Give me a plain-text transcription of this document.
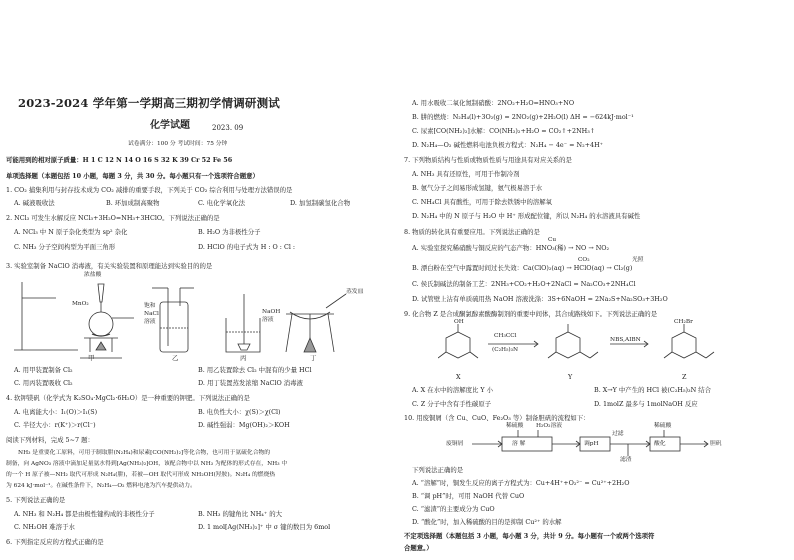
2023-2024 学年第一学期高三期初学情调研测试
化学试题	2023. 09
试卷满分：100 分 考试时间：75 分钟
可能用到的相对原子质量：H 1 C 12 N 14 O 16 S 32 K 39 Cr 52 Fe 56
单项选择题（本题包括 10 小题，每题 3 分，共 30 分。每小题只有一个选项符合题意）
1. CO₂ 捕集利用与封存技术成为 CO₂ 减排的重要手段，下列关于 CO₂ 综合利用与处理方法错误的是
A. 碱液吸收法	B. 环加成制高聚物	C. 电化学氧化法	D. 加氢制碳氢化合物
2. NCl₃ 可发生水解反应 NCl₃+3H₂O=NH₃+3HClO。下列说法正确的是
A. NCl₃ 中 N 原子杂化类型为 sp² 杂化	B. H₂O 为非极性分子
C. NH₃ 分子空间构型为平面三角形	D. HClO 的电子式为 H : O : Cl :
3. 实验室制备 NaClO 消毒液，有关实验装置和原理能达到实验目的的是
浓盐酸
MnO₂	饱和
NaCl
溶液
NaOH
溶液
蒸发皿
甲	乙	丙	丁
A. 用甲装置制备 Cl₂	B. 用乙装置除去 Cl₂ 中混有的少量 HCl
C. 用丙装置吸收 Cl₂	D. 用丁装置蒸发浓缩 NaClO 消毒液
4. 软钾镁矾（化学式为 K₂SO₄·MgCl₂·6H₂O）是一种重要的钾肥。下列说法正确的是
A. 电离能大小：I₁(O)＞I₁(S)	B. 电负性大小：χ(S)＞χ(Cl)
C. 半径大小：r(K⁺)＞r(Cl⁻)	D. 碱性强弱：Mg(OH)₂＞KOH
阅读下列材料，完成 5~7 题：
NH₃ 是重要化工原料，可用于制取肼(N₂H₄)和尿素[CO(NH₂)₂]等化合物，也可用于氨硫化合物的
制备，向 AgNO₃ 溶液中滴加足量氨水得到[Ag(NH₃)₂]OH，该配合物中以 NH₃ 为配体的形式存在，NH₃ 中
的一个 H 原子被—NH₂ 取代可形成 N₂H₄(肼)，若被—OH 取代可形成 NH₂OH(羟胺)。N₂H₄ 的燃烧热
为 624 kJ·mol⁻¹。在碱性条件下，N₂H₄—O₂ 燃料电池为汽车提供动力。
5. 下列说法正确的是
A. NH₃ 和 N₂H₄ 都是由极性键构成的非极性分子	B. NH₃ 的键角比 NH₄⁺ 的大
C. NH₂OH 难溶于水	D. 1 mol[Ag(NH₃)₂]⁺ 中 σ 键的数目为 6mol
6. 下列指定反应的方程式正确的是
A. 用水吸收二氧化氮制硝酸：2NO₂+H₂O=HNO₃+NO
B. 肼的燃烧：N₂H₄(l)+3O₂(g) = 2NO₂(g)+2H₂O(l) ΔH = −624kJ·mol⁻¹
C. 尿素[CO(NH₂)₂]水解：CO(NH₂)₂+H₂O = CO₂↑+2NH₃↑
D. N₂H₄—O₂ 碱性燃料电池负极方程式：N₂H₄ − 4e⁻ = N₂+4H⁺
7. 下列物质结构与性质或物质性质与用途具有对应关系的是
A. NH₃ 具有还原性，可用于作制冷剂
B. 氨气分子之间易形成氢键，氨气极易溶于水
C. NH₄Cl 具有酸性，可用于除去铁锈中的溶解氧
D. N₂H₄ 中的 N 原子与 H₂O 中 H⁺ 形成配位键，所以 N₂H₄ 的水溶液具有碱性
8. 物质的转化具有重要应用。下列说法正确的是
Cu
A. 实验室探究稀硝酸与铜反应的气态产物：HNO₃(稀) → NO → NO₂
CO₂	光照
B. 漂白粉在空气中露置时间过长失效：Ca(ClO)₂(aq) → HClO(aq) → Cl₂(g)
C. 侯氏制碱法的制备工艺：2NH₃+CO₂+H₂O+2NaCl = Na₂CO₃+2NH₄Cl
D. 试管壁上沾有单质硫用热 NaOH 溶液洗涤：3S+6NaOH = 2Na₂S+Na₂SO₃+3H₂O
9. 化合物 Z 是合成酮氯醇素酸酶制剂的重要中间体，其合成路线如下。下列说法正确的是
OH
CH₃CCl
(C₂H₅)₃N
NBS,AIBN
CH₂Br
X	Y	Z
A. X 在水中的溶解度比 Y 小	B. X→Y 中产生的 HCl 被(C₂H₅)₃N 结合
C. Z 分子中含有手性碳原子	D. 1molZ 最多与 1molNaOH 反应
10. 用废铜屑（含 Cu、CuO、Fe₂O₃ 等）制备胆矾的流程如下：
废铜屑
稀硫酸 H₂O₂溶液
溶 解	调pH
过滤
滤渣
稀硫酸
酸化	胆矾
下列说法正确的是
A. “溶解”时，铜发生反应的离子方程式为：Cu+4H⁺+O₂²⁻ = Cu²⁺+2H₂O
B. “调 pH”时，可用 NaOH 代替 CuO
C. “滤渣”的主要成分为 CuO
D. “酸化”时，加入稀硫酸的目的是抑制 Cu²⁺ 的水解
不定项选择题（本题包括 3 小题，每小题 3 分，共计 9 分。每小题有一个或两个选项符
合题意。）
